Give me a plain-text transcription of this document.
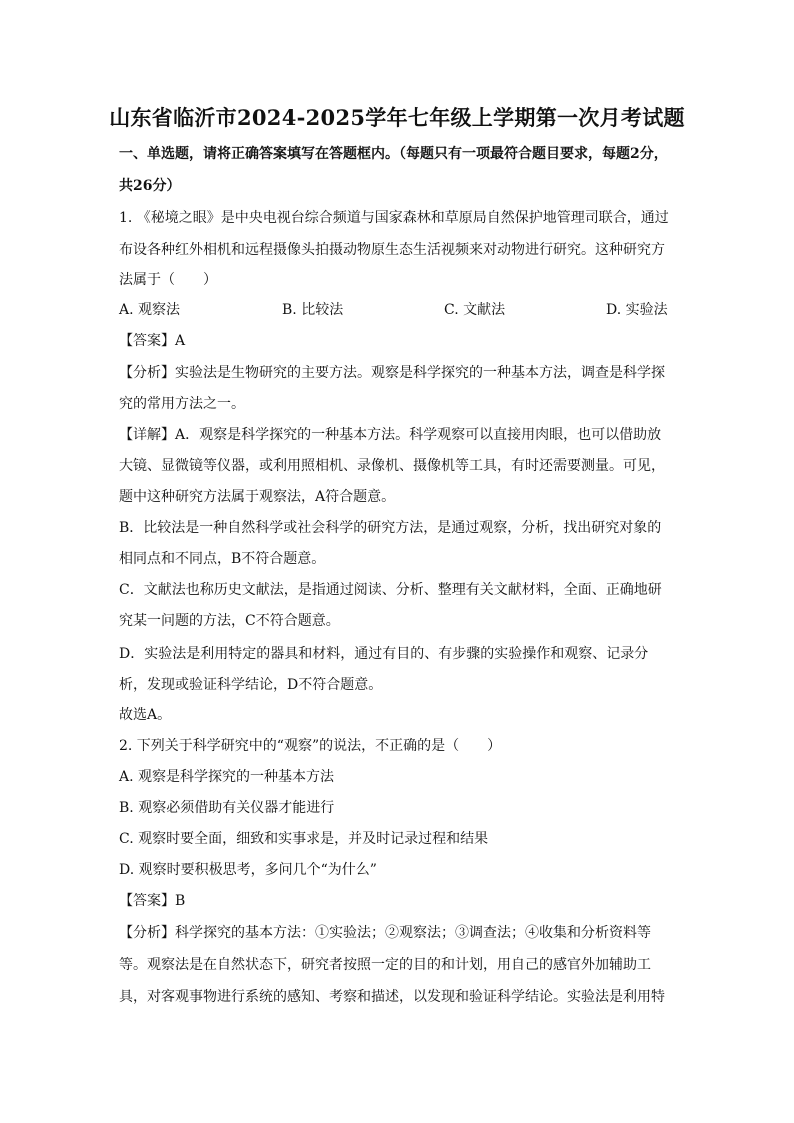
山东省临沂市2024-2025学年七年级上学期第一次月考试题
一、单选题，请将正确答案填写在答题框内。（每题只有一项最符合题目要求，每题2分，
共26分）
1. 《秘境之眼》是中央电视台综合频道与国家森林和草原局自然保护地管理司联合，通过
布设各种红外相机和远程摄像头拍摄动物原生态生活视频来对动物进行研究。这种研究方
法属于（　　）
A. 观察法	B. 比较法	C. 文献法	D. 实验法
【答案】A
【分析】实验法是生物研究的主要方法。观察是科学探究的一种基本方法，调查是科学探
究的常用方法之一。
【详解】A．观察是科学探究的一种基本方法。科学观察可以直接用肉眼，也可以借助放
大镜、显微镜等仪器，或利用照相机、录像机、摄像机等工具，有时还需要测量。可见，
题中这种研究方法属于观察法，A符合题意。
B．比较法是一种自然科学或社会科学的研究方法，是通过观察，分析，找出研究对象的
相同点和不同点，B不符合题意。
C．文献法也称历史文献法，是指通过阅读、分析、整理有关文献材料，全面、正确地研
究某一问题的方法，C不符合题意。
D．实验法是利用特定的器具和材料，通过有目的、有步骤的实验操作和观察、记录分
析，发现或验证科学结论，D不符合题意。
故选A。
2. 下列关于科学研究中的“观察”的说法，不正确的是（　　）
A. 观察是科学探究的一种基本方法
B. 观察必须借助有关仪器才能进行
C. 观察时要全面，细致和实事求是，并及时记录过程和结果
D. 观察时要积极思考，多问几个“为什么”
【答案】B
【分析】科学探究的基本方法：①实验法；②观察法；③调查法；④收集和分析资料等
等。观察法是在自然状态下，研究者按照一定的目的和计划，用自己的感官外加辅助工
具，对客观事物进行系统的感知、考察和描述，以发现和验证科学结论。实验法是利用特
